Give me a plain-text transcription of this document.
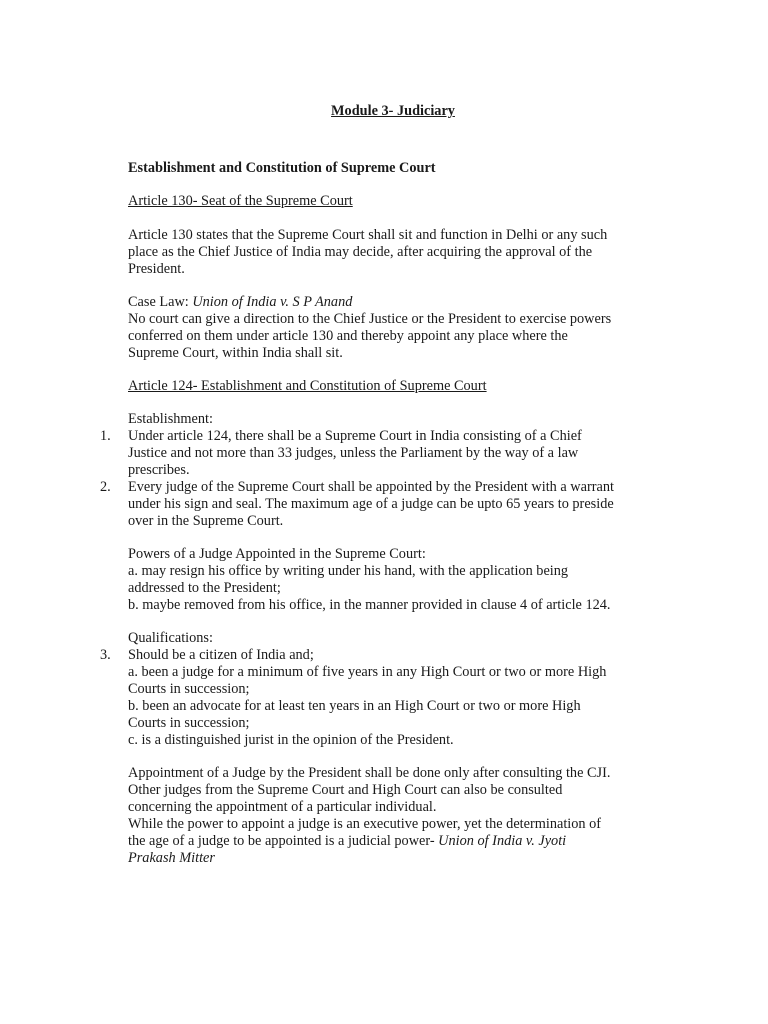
Module 3- Judiciary
Establishment and Constitution of Supreme Court
Article 130- Seat of the Supreme Court
Article 130 states that the Supreme Court shall sit and function in Delhi or any such
place as the Chief Justice of India may decide, after acquiring the approval of the
President.
Case Law: Union of India v. S P Anand
No court can give a direction to the Chief Justice or the President to exercise powers
conferred on them under article 130 and thereby appoint any place where the
Supreme Court, within India shall sit.
Article 124- Establishment and Constitution of Supreme Court
Establishment:
1.	Under article 124, there shall be a Supreme Court in India consisting of a Chief
Justice and not more than 33 judges, unless the Parliament by the way of a law
prescribes.
2.	Every judge of the Supreme Court shall be appointed by the President with a warrant
under his sign and seal. The maximum age of a judge can be upto 65 years to preside
over in the Supreme Court.
Powers of a Judge Appointed in the Supreme Court:
a. may resign his office by writing under his hand, with the application being
addressed to the President;
b. maybe removed from his office, in the manner provided in clause 4 of article 124.
Qualifications:
3.	Should be a citizen of India and;
a. been a judge for a minimum of five years in any High Court or two or more High
Courts in succession;
b. been an advocate for at least ten years in an High Court or two or more High
Courts in succession;
c. is a distinguished jurist in the opinion of the President.
Appointment of a Judge by the President shall be done only after consulting the CJI.
Other judges from the Supreme Court and High Court can also be consulted
concerning the appointment of a particular individual.
While the power to appoint a judge is an executive power, yet the determination of
the age of a judge to be appointed is a judicial power- Union of India v. Jyoti
Prakash Mitter
